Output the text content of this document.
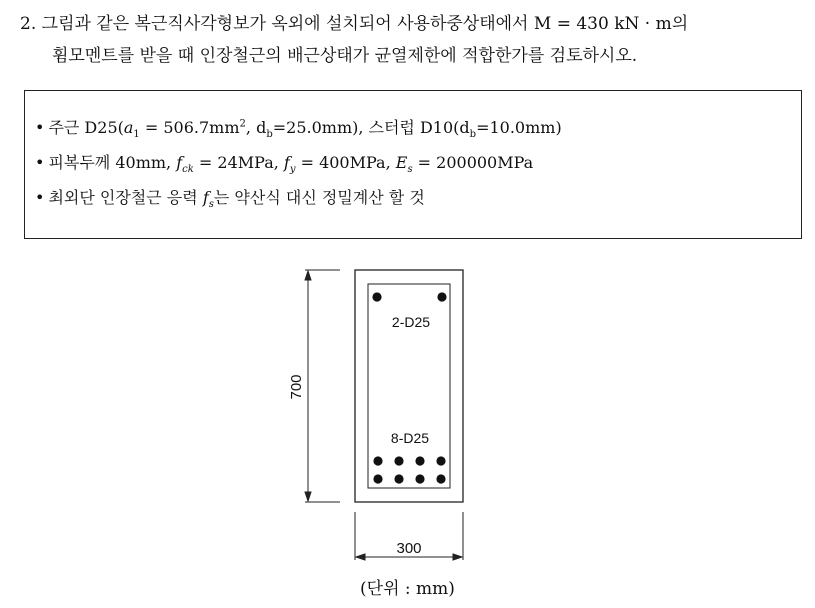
2. 그림과 같은 복근직사각형보가 옥외에 설치되어 사용하중상태에서 M = 430 kN · m의
휨모멘트를 받을 때 인장철근의 배근상태가 균열제한에 적합한가를 검토하시오.
• 주근 $D25(a_1 = 506.7mm^2$, $d_b=25.0mm$), 스터럽 $D10(d_b=10.0mm)$
• 피복두께 40mm, $f_{ck} = 24MPa$, $f_y = 400MPa$, $E_s = 200000MPa$
• 최외단 인장철근 응력 $f_s$는 약산식 대신 정밀계산 할 것
2-D25
8-D25
700
300
(단위 : mm)
